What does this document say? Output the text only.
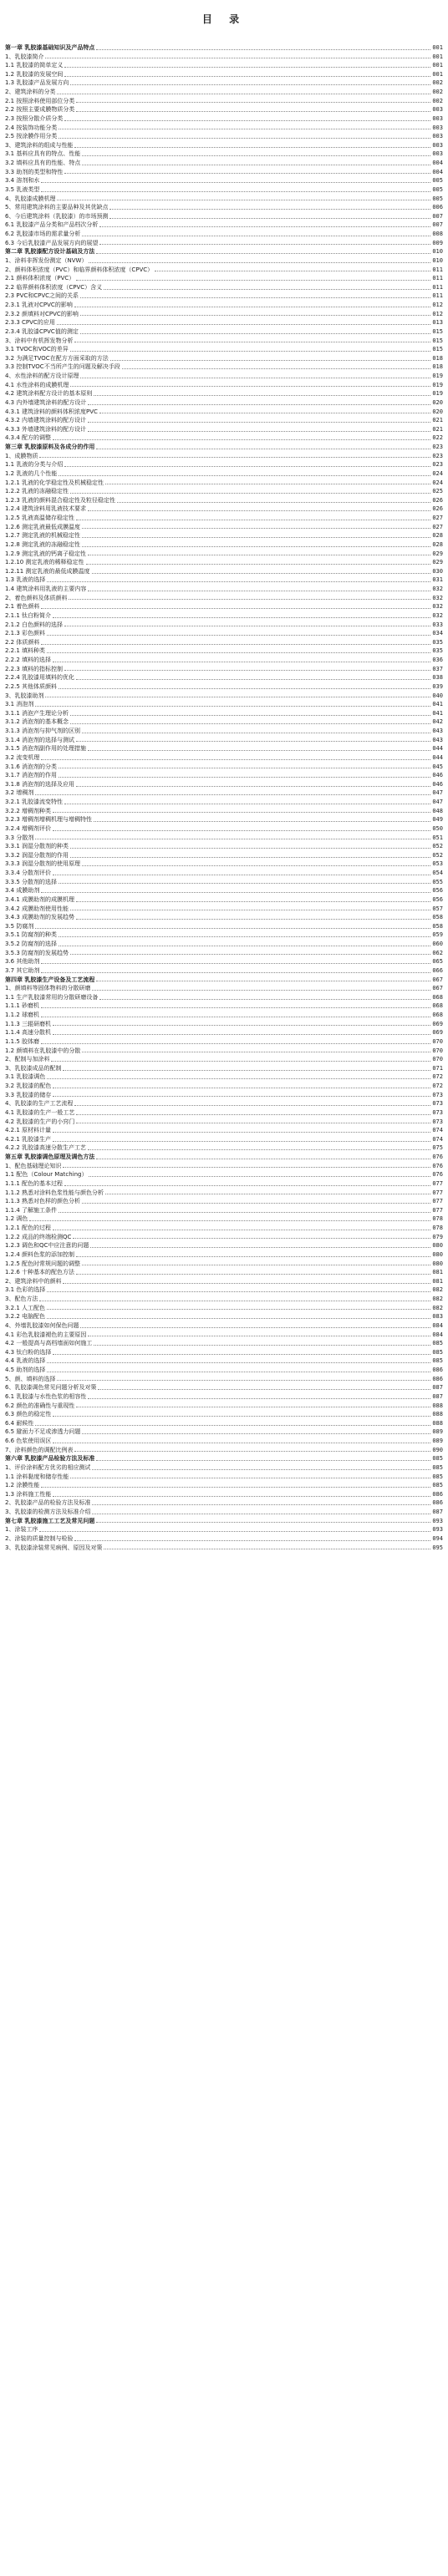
目 录
第一章 乳胶漆基础知识及产品特点	001
1、乳胶漆简介	001
1.1 乳胶漆的简单定义	001
1.2 乳胶漆的发展空间	001
1.3 乳胶漆产品发展方向	002
2、建筑涂料的分类	002
2.1 按照涂料使用部位分类	002
2.2 按照主要成膜物质分类	003
2.3 按照分散介质分类	003
2.4 按装饰功能分类	003
2.5 按涂膜作用分类	003
3、建筑涂料的组成与性能	003
3.1 基料应具有的特点、性能	003
3.2 填料应具有的性能、特点	004
3.3 助剂的类型和特性	004
3.4 溶剂和水	005
3.5 乳液类型	005
4、乳胶漆成膜机理	005
5、常用建筑涂料的主要品种及其优缺点	006
6、今后建筑涂料（乳胶漆）的市场预测	007
6.1 乳胶漆产品分类和产品档次分析	007
6.2 乳胶漆市场的需求量分析	008
6.3 今后乳胶漆产品发展方向的展望	009
第二章 乳胶漆配方设计基础及方法	010
1、涂料非挥发份测定（NVW）	010
2、颜料体积浓度（PVC）和临界颜料体积浓度（CPVC）	011
2.1 颜料体积浓度（PVC）	011
2.2 临界颜料体积浓度（CPVC）含义	011
2.3 PVC和CPVC之间的关系	011
2.3.1 乳液对CPVC的影响	012
2.3.2 颜填料对CPVC的影响	012
2.3.3 CPVC的应用	013
2.3.4 乳胶漆CPVC值的测定	015
3、涂料中有机挥发物分析	015
3.1 TVOC和VOC的差异	015
3.2 为满足TVOC在配方方面采取的方法	018
3.3 控制TVOC不当所产生的问题及解决手段	018
4、水性涂料的配方设计原理	019
4.1 水性涂料的成膜机理	019
4.2 建筑涂料配方设计的基本原则	019
4.3 内外墙建筑涂料的配方设计	020
4.3.1 建筑涂料的颜料体积浓度PVC	020
4.3.2 内墙建筑涂料的配方设计	021
4.3.3 外墙建筑涂料的配方设计	021
4.3.4 配方的调整	022
第三章 乳胶漆原料及各成分的作用	023
1、成膜物质	023
1.1 乳液的分类与介绍	023
1.2 乳液的几个性能	024
1.2.1 乳液的化学稳定性及机械稳定性	024
1.2.2 乳液的冻融稳定性	025
1.2.3 乳液的颜料混合稳定性及粒径稳定性	026
1.2.4 建筑涂料用乳液技术要求	026
1.2.5 乳液高温储存稳定性	027
1.2.6 测定乳液最低成膜温度	027
1.2.7 测定乳液的机械稳定性	028
1.2.8 测定乳液的冻融稳定性	028
1.2.9 测定乳液的钙离子稳定性	029
1.2.10 测定乳液的稀释稳定性	029
1.2.11 测定乳液的最低成膜温度	030
1.3 乳液的选择	031
1.4 建筑涂料用乳液的主要内容	032
2、着色颜料及体质颜料	032
2.1 着色颜料	032
2.1.1 钛白粉简介	032
2.1.2 白色颜料的选择	033
2.1.3 彩色颜料	034
2.2 体质颜料	035
2.2.1 填料种类	035
2.2.2 填料的选择	036
2.2.3 填料的指标控制	037
2.2.4 乳胶漆用填料的优化	038
2.2.5 其他体质颜料	039
3、乳胶漆助剂	040
3.1 消泡剂	041
3.1.1 消泡产生理论分析	041
3.1.2 消泡剂的基本概念	042
3.1.3 消泡剂与抑气剂的区别	043
3.1.4 消泡剂的选择与测试	043
3.1.5 消泡剂副作用的处理措施	044
3.2 流变机理	044
3.1.6 消泡剂的分类	045
3.1.7 消泡剂的作用	046
3.1.8 消泡剂的选择及应用	046
3.2 增稠剂	047
3.2.1 乳胶漆流变特性	047
3.2.2 增稠剂种类	048
3.2.3 增稠剂增稠机理与增稠特性	049
3.2.4 增稠剂评价	050
3.3 分散剂	051
3.3.1 润湿分散剂的种类	052
3.3.2 润湿分散剂的作用	052
3.3.3 润湿分散剂的使用原理	053
3.3.4 分散剂评价	054
3.3.5 分散剂的选择	055
3.4 成膜助剂	056
3.4.1 成膜助剂的成膜机理	056
3.4.2 成膜助剂使用性能	057
3.4.3 成膜助剂的发展趋势	058
3.5 防腐剂	058
3.5.1 防腐剂的种类	059
3.5.2 防腐剂的选择	060
3.5.3 防腐剂的发展趋势	062
3.6 其他助剂	065
3.7 其它助剂	066
第四章 乳胶漆生产设备及工艺流程	067
1、颜填料等固体物料的分散研磨	067
1.1 生产乳胶漆常用的分散研磨设备	068
1.1.1 砂磨机	068
1.1.2 球磨机	068
1.1.3 三辊研磨机	069
1.1.4 高速分散机	069
1.1.5 胶体磨	070
1.2 颜填料在乳胶漆中的分散	070
2、配制与加涂料	070
3、乳胶漆成品的配制	071
3.1 乳胶漆调色	072
3.2 乳胶漆的配色	072
3.3 乳胶漆的储存	073
4、乳胶漆的生产工艺流程	073
4.1 乳胶漆的生产一般工艺	073
4.2 乳胶漆的生产的小窍门	073
4.2.1 原材料计量	074
4.2.1 乳胶漆生产	074
4.2.2 乳胶漆高速分散生产工艺	075
第五章 乳胶漆调色原理及调色方法	076
1、配色基础理论知识	076
1.1 配色（Colour Matching）	076
1.1.1 配色的基本过程	077
1.1.2 熟悉对涂料色浆性能与颜色分析	077
1.1.3 熟悉对色样的颜色分析	077
1.1.4 了解施工条件	077
1.2 调色	078
1.2.1 配色的过程	078
1.2.2 成品的终端检测QC	079
1.2.3 调色和QC中应注意的问题	080
1.2.4 颜料色浆的添加控制	080
1.2.5 配色时常规问题的调整	080
1.2.6 十种基本的配色方法	081
2、建筑涂料中的颜料	081
3.1 色彩的选择	082
3、配色方法	082
3.2.1 人工配色	082
3.2.2 电脑配色	083
4、外墙乳胶漆如何保色问题	084
4.1 彩色乳胶漆褪色的主要原因	084
4.2 一般提高与高档墙面如何施工	085
4.3 钛白粉的选择	085
4.4 乳液的选择	085
4.5 助剂的选择	086
5、颜、填料的选择	086
6、乳胶漆调色常见问题分析及对策	087
6.1 乳胶漆与水性色浆的相容性	087
6.2 颜色的准确性与重现性	088
6.3 颜色的稳定性	088
6.4 耐候性	088
6.5 避面力不足或渗透力问题	089
6.6 色浆使用误区	089
7、涂料颜色的调配比例表	090
第六章 乳胶漆产品检验方法及标准	085
1、评价涂料配方优劣的相应测试	085
1.1 涂料黏度和储存性能	085
1.2 涂膜性能	085
1.3 涂料施工性能	086
2、乳胶漆产品的检验方法及标准	086
3、乳胶漆的检测方法及标准介绍	087
第七章 乳胶漆施工工艺及常见问题	093
1、涂装工序	093
2、涂装的质量控制与检验	094
3、乳胶漆涂装常见病例、原因及对策	095
